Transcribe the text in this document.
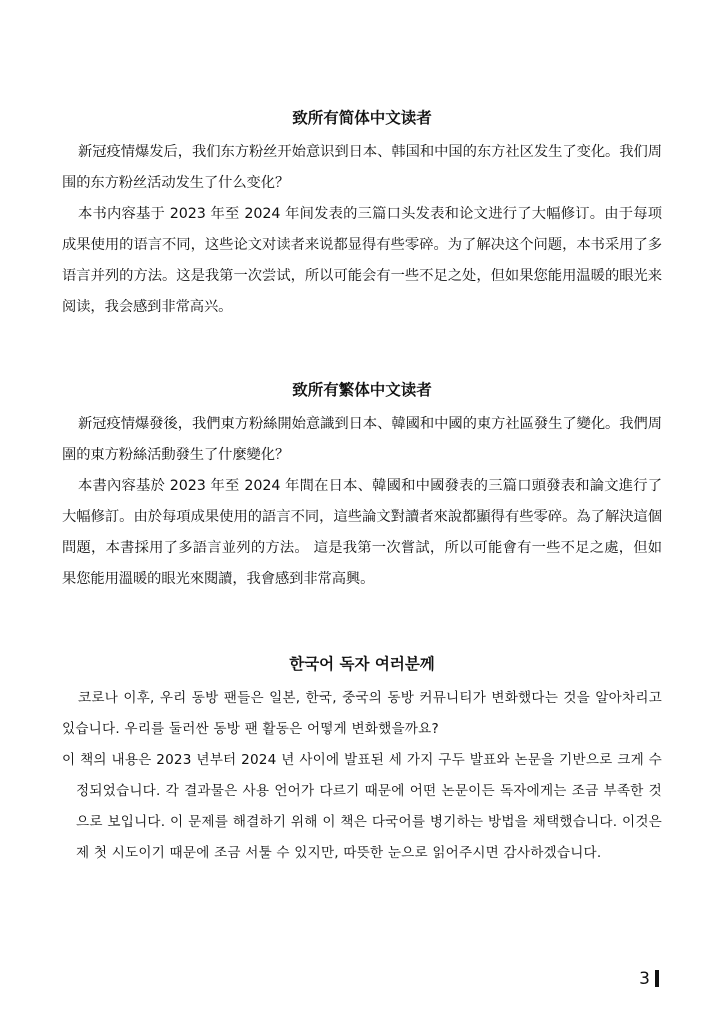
致所有简体中文读者

新冠疫情爆发后，我们东方粉丝开始意识到日本、韩国和中国的东方社区发生了变化。我们周围的东方粉丝活动发生了什么变化？

本书内容基于 2023 年至 2024 年间发表的三篇口头发表和论文进行了大幅修订。由于每项成果使用的语言不同，这些论文对读者来说都显得有些零碎。为了解决这个问题，本书采用了多语言并列的方法。这是我第一次尝试，所以可能会有一些不足之处，但如果您能用温暖的眼光来阅读，我会感到非常高兴。

致所有繁体中文读者

新冠疫情爆發後，我們東方粉絲開始意識到日本、韓國和中國的東方社區發生了變化。我們周圍的東方粉絲活動發生了什麼變化？

本書內容基於 2023 年至 2024 年間在日本、韓國和中國發表的三篇口頭發表和論文進行了大幅修訂。由於每項成果使用的語言不同，這些論文對讀者來說都顯得有些零碎。為了解決這個問題，本書採用了多語言並列的方法。 這是我第一次嘗試，所以可能會有一些不足之處，但如果您能用溫暖的眼光來閱讀，我會感到非常高興。

한국어 독자 여러분께

코로나 이후, 우리 동방 팬들은 일본, 한국, 중국의 동방 커뮤니티가 변화했다는 것을 알아차리고 있습니다. 우리를 둘러싼 동방 팬 활동은 어떻게 변화했을까요?

이 책의 내용은 2023 년부터 2024 년 사이에 발표된 세 가지 구두 발표와 논문을 기반으로 크게 수정되었습니다. 각 결과물은 사용 언어가 다르기 때문에 어떤 논문이든 독자에게는 조금 부족한 것으로 보입니다. 이 문제를 해결하기 위해 이 책은 다국어를 병기하는 방법을 채택했습니다. 이것은 제 첫 시도이기 때문에 조금 서툴 수 있지만, 따뜻한 눈으로 읽어주시면 감사하겠습니다.

3
